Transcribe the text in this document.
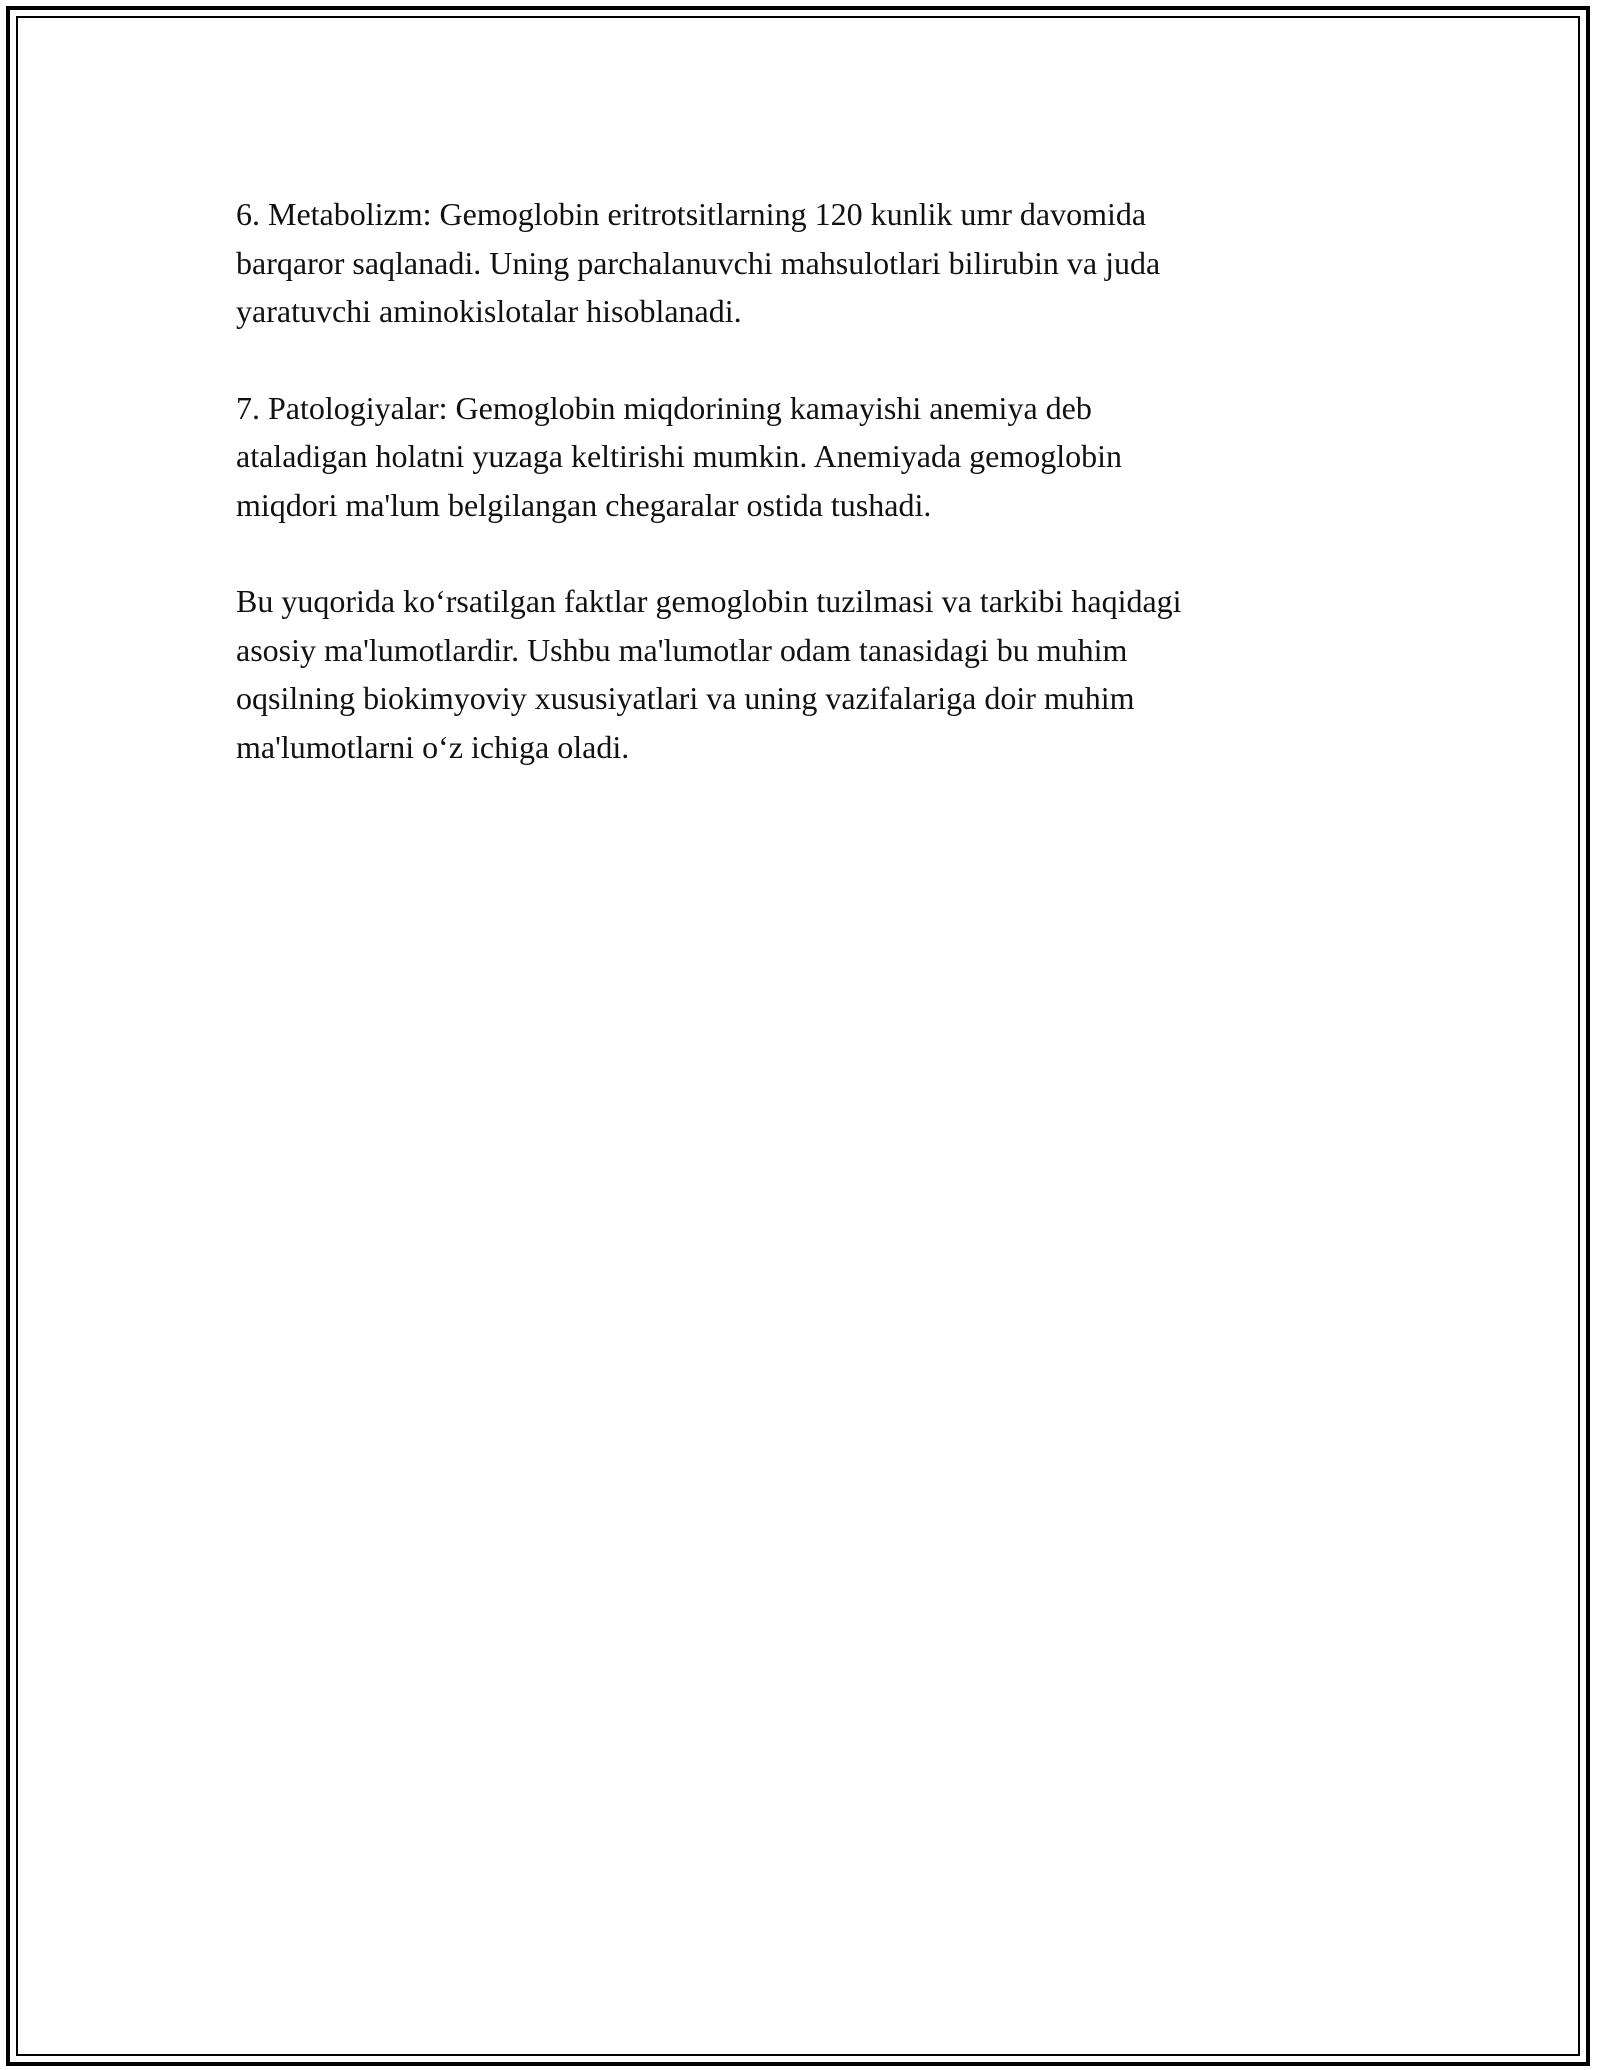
6. Metabolizm: Gemoglobin eritrotsitlarning 120 kunlik umr davomida
barqaror saqlanadi. Uning parchalanuvchi mahsulotlari bilirubin va juda
yaratuvchi aminokislotalar hisoblanadi.

7. Patologiyalar: Gemoglobin miqdorining kamayishi anemiya deb
ataladigan holatni yuzaga keltirishi mumkin. Anemiyada gemoglobin
miqdori ma'lum belgilangan chegaralar ostida tushadi.

Bu yuqorida ko‘rsatilgan faktlar gemoglobin tuzilmasi va tarkibi haqidagi
asosiy ma'lumotlardir. Ushbu ma'lumotlar odam tanasidagi bu muhim
oqsilning biokimyoviy xususiyatlari va uning vazifalariga doir muhim
ma'lumotlarni o‘z ichiga oladi.
